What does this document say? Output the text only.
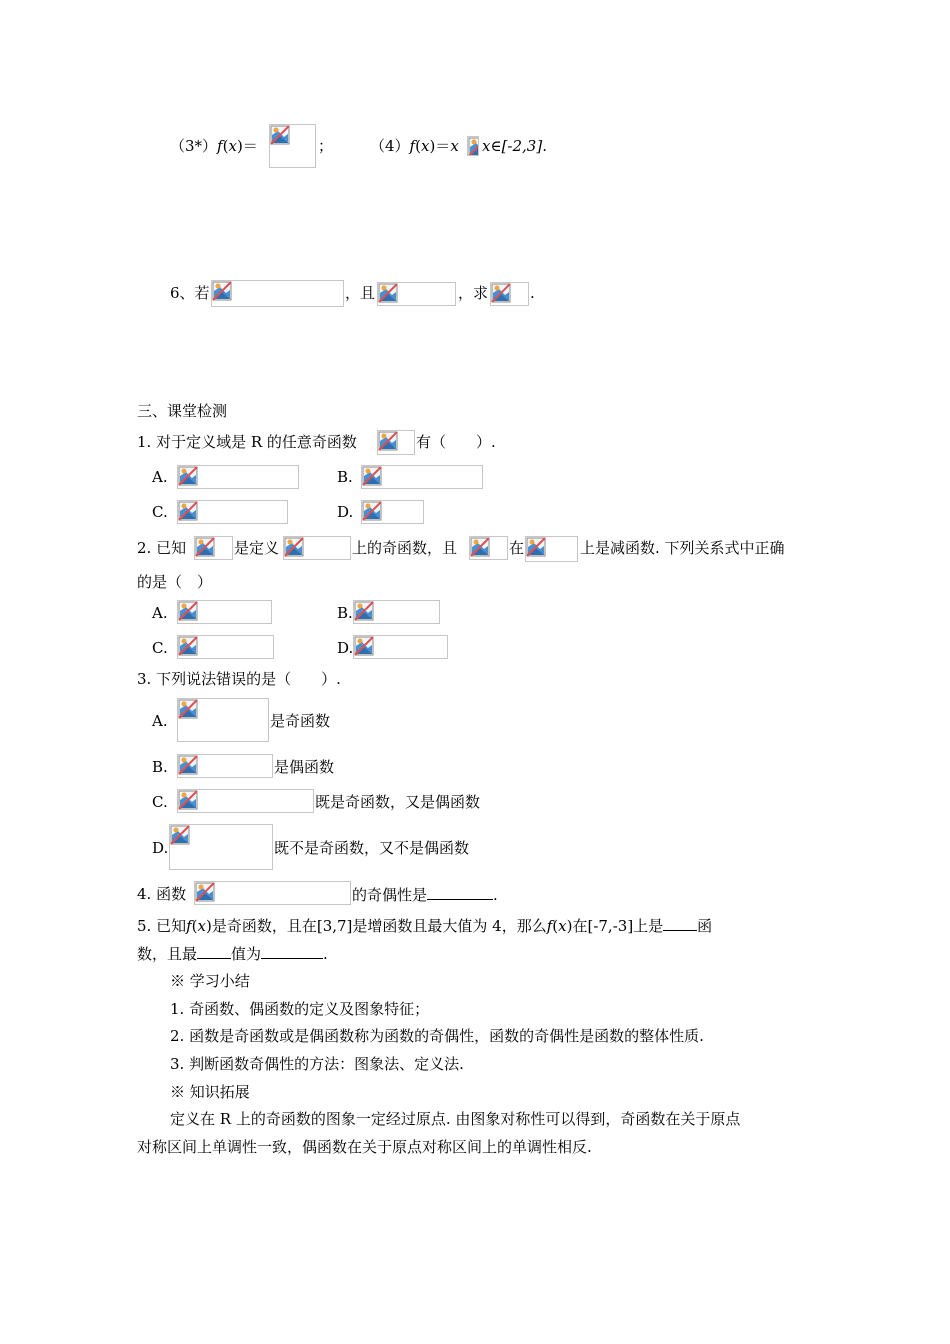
（3*）f(x)＝	； （4）f(x)＝x x∈[-2,3].
6、若	，且	，求	.
三、课堂检测
1. 对于定义域是 R 的任意奇函数	有（　　）.
A.	B.
C.	D.
2. 已知	是定义	上的奇函数，且	在	上是减函数. 下列关系式中正确
的是（　）
A.	B.
C.	D.
3. 下列说法错误的是（　　）.
A.	是奇函数
B.	是偶函数
C.	既是奇函数，又是偶函数
D.	既不是奇函数，又不是偶函数
4. 函数	的奇偶性是	.
5. 已知f(x)是奇函数，且在[3,7]是增函数且最大值为 4，那么f(x)在[-7,-3]上是 函
数，且最 值为	.
※ 学习小结
1. 奇函数、偶函数的定义及图象特征；
2. 函数是奇函数或是偶函数称为函数的奇偶性，函数的奇偶性是函数的整体性质.
3. 判断函数奇偶性的方法：图象法、定义法.
※ 知识拓展
定义在 R 上的奇函数的图象一定经过原点. 由图象对称性可以得到，奇函数在关于原点
对称区间上单调性一致，偶函数在关于原点对称区间上的单调性相反.
